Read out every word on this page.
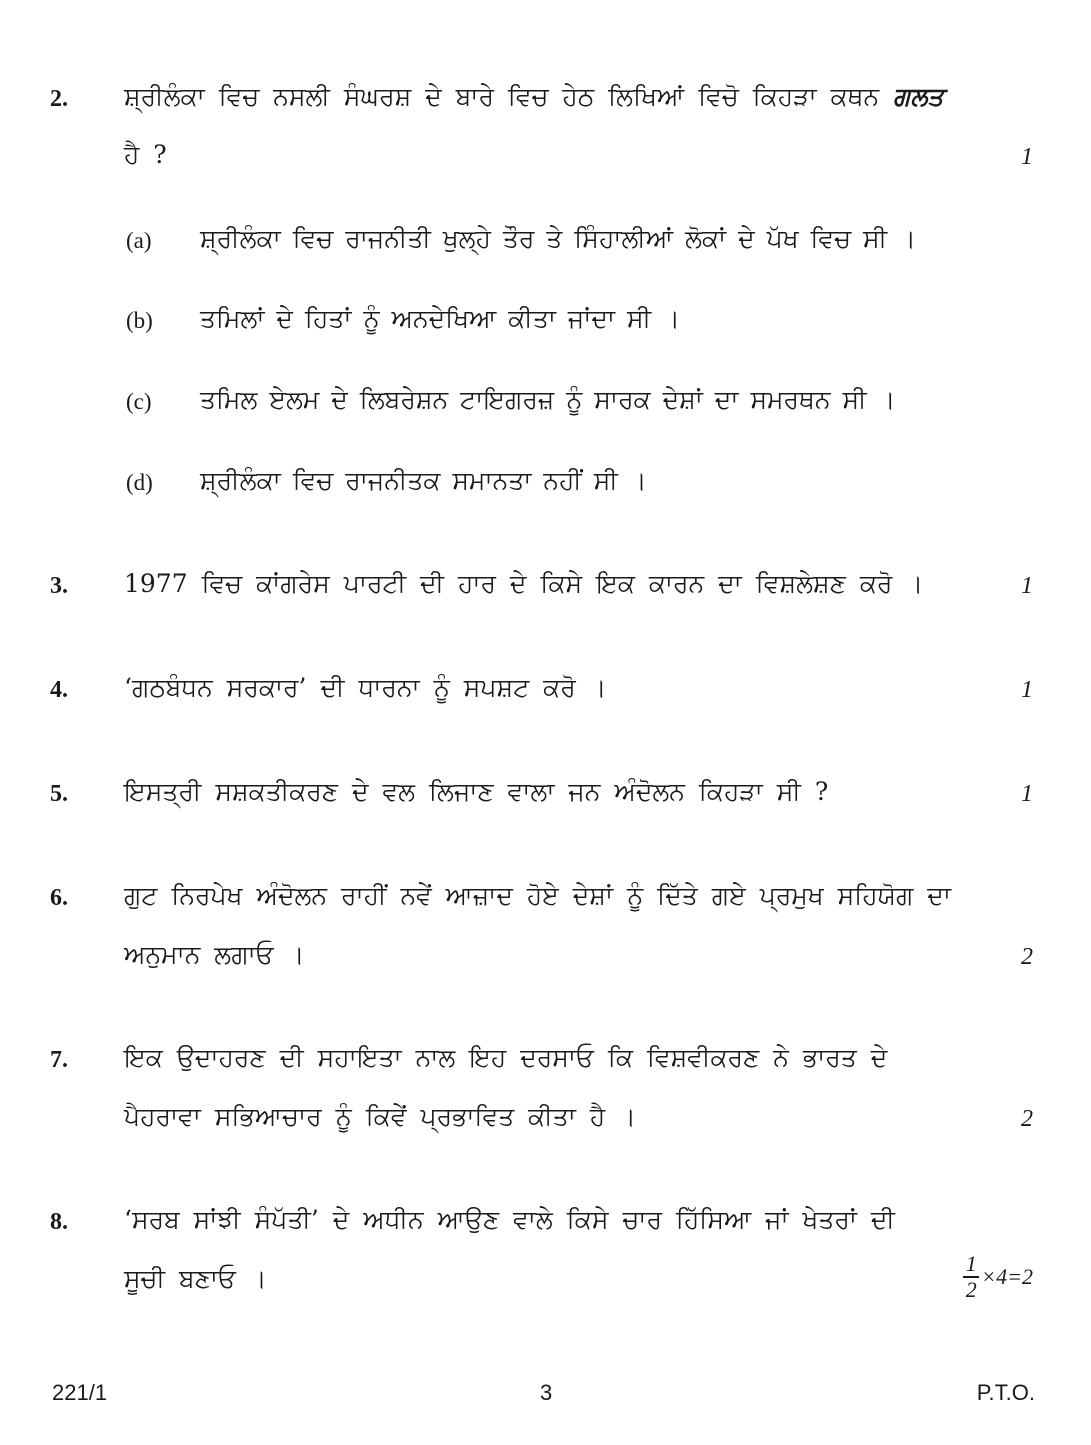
2. ਸ਼੍ਰੀਲੰਕਾ ਵਿਚ ਨਸਲੀ ਸੰਘਰਸ਼ ਦੇ ਬਾਰੇ ਵਿਚ ਹੇਠ ਲਿਖਿਆਂ ਵਿਚੋ ਕਿਹੜਾ ਕਥਨ ਗਲਤ
ਹੈ ?	1
(a) ਸ਼੍ਰੀਲੰਕਾ ਵਿਚ ਰਾਜਨੀਤੀ ਖੁਲ੍ਹੇ ਤੌਰ ਤੇ ਸਿੰਹਾਲੀਆਂ ਲੋਕਾਂ ਦੇ ਪੱਖ ਵਿਚ ਸੀ ।
(b) ਤਮਿਲਾਂ ਦੇ ਹਿਤਾਂ ਨੂੰ ਅਨਦੇਖਿਆ ਕੀਤਾ ਜਾਂਦਾ ਸੀ ।
(c) ਤਮਿਲ ਏਲਮ ਦੇ ਲਿਬਰੇਸ਼ਨ ਟਾਇਗਰਜ਼ ਨੂੰ ਸਾਰਕ ਦੇਸ਼ਾਂ ਦਾ ਸਮਰਥਨ ਸੀ ।
(d) ਸ਼੍ਰੀਲੰਕਾ ਵਿਚ ਰਾਜਨੀਤਕ ਸਮਾਨਤਾ ਨਹੀਂ ਸੀ ।
3. 1977 ਵਿਚ ਕਾਂਗਰੇਸ ਪਾਰਟੀ ਦੀ ਹਾਰ ਦੇ ਕਿਸੇ ਇਕ ਕਾਰਨ ਦਾ ਵਿਸ਼ਲੇਸ਼ਣ ਕਰੋ ।	1
4. ‘ਗਠਬੰਧਨ ਸਰਕਾਰ’ ਦੀ ਧਾਰਨਾ ਨੂੰ ਸਪਸ਼ਟ ਕਰੋ ।	1
5. ਇਸਤ੍ਰੀ ਸਸ਼ਕਤੀਕਰਣ ਦੇ ਵਲ ਲਿਜਾਣ ਵਾਲਾ ਜਨ ਅੰਦੋਲਨ ਕਿਹੜਾ ਸੀ ?	1
6. ਗੁਟ ਨਿਰਪੇਖ ਅੰਦੋਲਨ ਰਾਹੀਂ ਨਵੇਂ ਆਜ਼ਾਦ ਹੋਏ ਦੇਸ਼ਾਂ ਨੂੰ ਦਿੱਤੇ ਗਏ ਪ੍ਰਮੁਖ ਸਹਿਯੋਗ ਦਾ
ਅਨੁਮਾਨ ਲਗਾਓ ।	2
7. ਇਕ ਉਦਾਹਰਣ ਦੀ ਸਹਾਇਤਾ ਨਾਲ ਇਹ ਦਰਸਾਓ ਕਿ ਵਿਸ਼ਵੀਕਰਣ ਨੇ ਭਾਰਤ ਦੇ
ਪੈਹਰਾਵਾ ਸਭਿਆਚਾਰ ਨੂੰ ਕਿਵੇਂ ਪ੍ਰਭਾਵਿਤ ਕੀਤਾ ਹੈ ।	2
8. ‘ਸਰਬ ਸਾਂਝੀ ਸੰਪੱਤੀ’ ਦੇ ਅਧੀਨ ਆਉਣ ਵਾਲੇ ਕਿਸੇ ਚਾਰ ਹਿੱਸਿਆ ਜਾਂ ਖੇਤਰਾਂ ਦੀ
ਸੂਚੀ ਬਣਾਓ ।	$\frac{1}{2} \times 4=2$
221/1	3	P.T.O.
